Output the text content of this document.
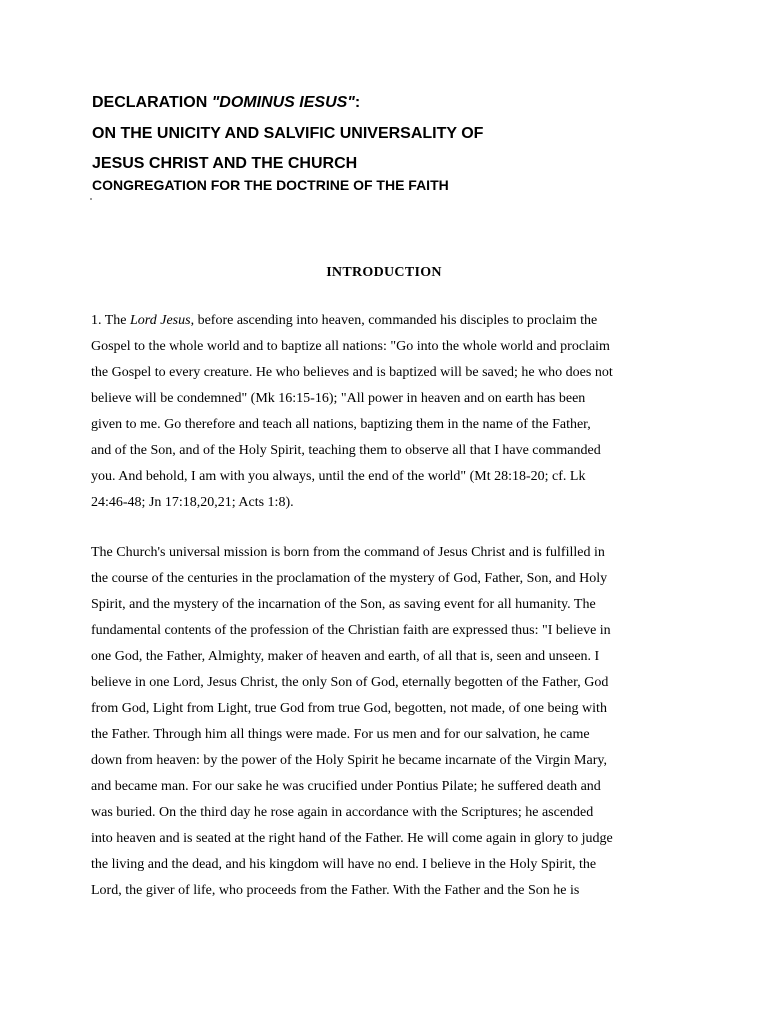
DECLARATION "DOMINUS IESUS":
ON THE UNICITY AND SALVIFIC UNIVERSALITY OF
JESUS CHRIST AND THE CHURCH
CONGREGATION FOR THE DOCTRINE OF THE FAITH
INTRODUCTION
1. The Lord Jesus, before ascending into heaven, commanded his disciples to proclaim the
Gospel to the whole world and to baptize all nations: "Go into the whole world and proclaim
the Gospel to every creature. He who believes and is baptized will be saved; he who does not
believe will be condemned" (Mk 16:15-16); "All power in heaven and on earth has been
given to me. Go therefore and teach all nations, baptizing them in the name of the Father,
and of the Son, and of the Holy Spirit, teaching them to observe all that I have commanded
you. And behold, I am with you always, until the end of the world" (Mt 28:18-20; cf. Lk
24:46-48; Jn 17:18,20,21; Acts 1:8).
The Church's universal mission is born from the command of Jesus Christ and is fulfilled in
the course of the centuries in the proclamation of the mystery of God, Father, Son, and Holy
Spirit, and the mystery of the incarnation of the Son, as saving event for all humanity. The
fundamental contents of the profession of the Christian faith are expressed thus: "I believe in
one God, the Father, Almighty, maker of heaven and earth, of all that is, seen and unseen. I
believe in one Lord, Jesus Christ, the only Son of God, eternally begotten of the Father, God
from God, Light from Light, true God from true God, begotten, not made, of one being with
the Father. Through him all things were made. For us men and for our salvation, he came
down from heaven: by the power of the Holy Spirit he became incarnate of the Virgin Mary,
and became man. For our sake he was crucified under Pontius Pilate; he suffered death and
was buried. On the third day he rose again in accordance with the Scriptures; he ascended
into heaven and is seated at the right hand of the Father. He will come again in glory to judge
the living and the dead, and his kingdom will have no end. I believe in the Holy Spirit, the
Lord, the giver of life, who proceeds from the Father. With the Father and the Son he is
